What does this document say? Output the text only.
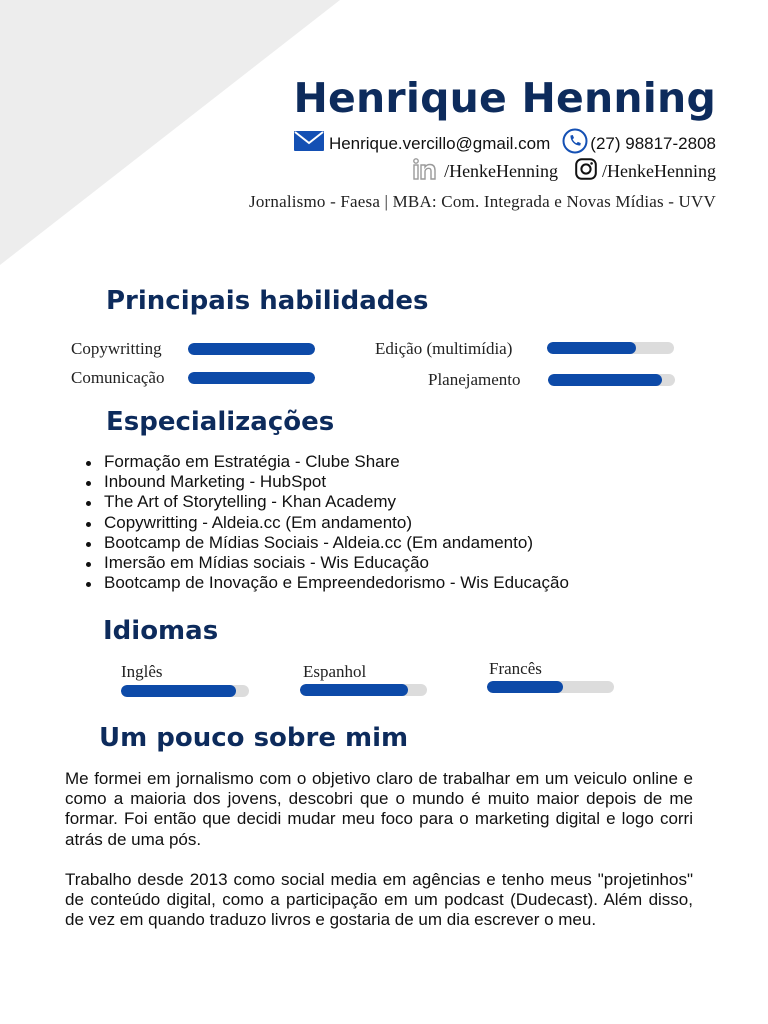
Henrique Henning
Henrique.vercillo@gmail.com (27) 98817-2808
/HenkeHenning /HenkeHenning
Jornalismo - Faesa | MBA: Com. Integrada e Novas Mídias - UVV
Principais habilidades
Copywritting
Comunicação
Edição (multimídia)
Planejamento
Especializações
Formação em Estratégia - Clube Share
Inbound Marketing - HubSpot
The Art of Storytelling - Khan Academy
Copywritting - Aldeia.cc (Em andamento)
Bootcamp de Mídias Sociais - Aldeia.cc (Em andamento)
Imersão em Mídias sociais - Wis Educação
Bootcamp de Inovação e Empreendedorismo - Wis Educação
Idiomas
Inglês	Espanhol	Francês
Um pouco sobre mim

Me formei em jornalismo com o objetivo claro de trabalhar em um veiculo online e como a maioria dos jovens, descobri que o mundo é muito maior depois de me formar. Foi então que decidi mudar meu foco para o marketing digital e logo corri atrás de uma pós.

Trabalho desde 2013 como social media em agências e tenho meus "projetinhos" de conteúdo digital, como a participação em um podcast (Dudecast). Além disso, de vez em quando traduzo livros e gostaria de um dia escrever o meu.
